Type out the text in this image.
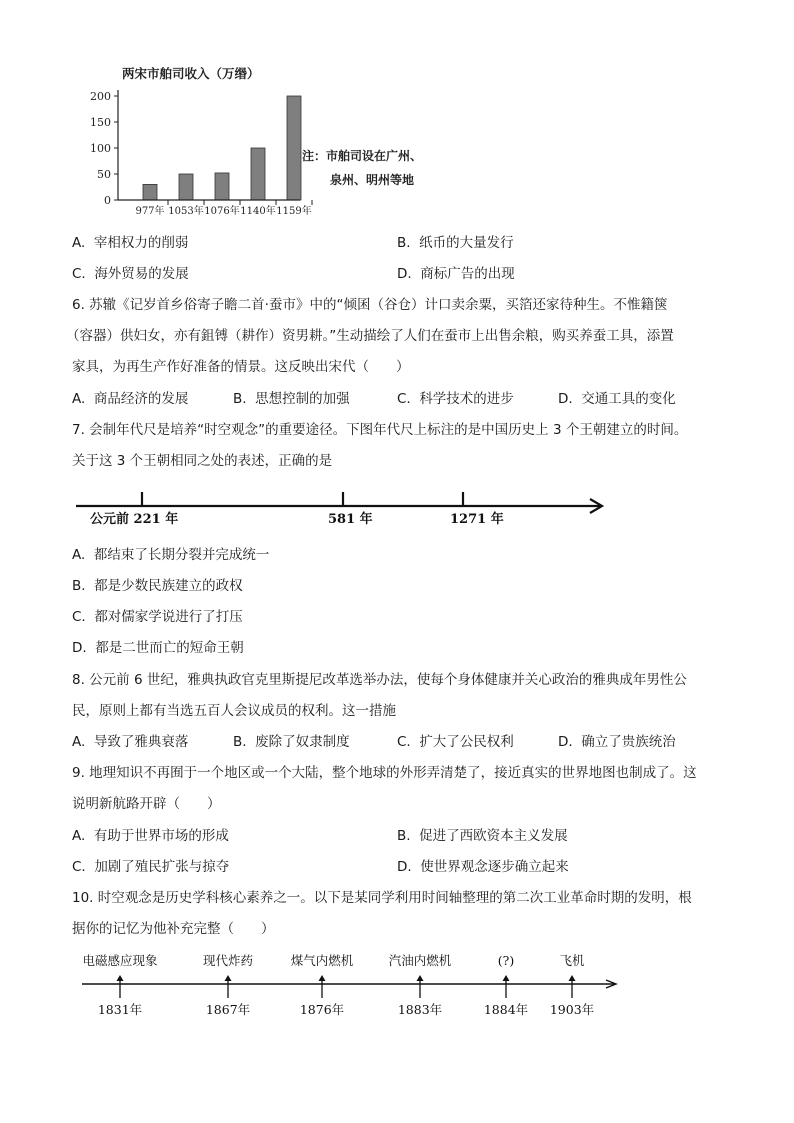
两宋市舶司收入（万缗）
0
50
100
150
200
977年 1053年 1076年 1140年 1159年
注：市舶司设在广州、
泉州、明州等地
A. 宰相权力的削弱	B. 纸币的大量发行
C. 海外贸易的发展	D. 商标广告的出现
6. 苏辙《记岁首乡俗寄子瞻二首·蚕市》中的“倾囷（谷仓）计口卖余粟，买箔还家待种生。不惟籍箧
（容器）供妇女，亦有鉏镈（耕作）资男耕。”生动描绘了人们在蚕市上出售余粮，购买养蚕工具，添置
家具，为再生产作好准备的情景。这反映出宋代（　　）
A. 商品经济的发展	B. 思想控制的加强	C. 科学技术的进步	D. 交通工具的变化
7. 会制年代尺是培养“时空观念”的重要途径。下图年代尺上标注的是中国历史上 3 个王朝建立的时间。
关于这 3 个王朝相同之处的表述，正确的是
公元前 221 年	581 年	1271 年
A. 都结束了长期分裂并完成统一
B. 都是少数民族建立的政权
C. 都对儒家学说进行了打压
D. 都是二世而亡的短命王朝
8. 公元前 6 世纪，雅典执政官克里斯提尼改革选举办法，使每个身体健康并关心政治的雅典成年男性公
民，原则上都有当选五百人会议成员的权利。这一措施
A. 导致了雅典衰落	B. 废除了奴隶制度	C. 扩大了公民权利	D. 确立了贵族统治
9. 地理知识不再囿于一个地区或一个大陆，整个地球的外形弄清楚了，接近真实的世界地图也制成了。这
说明新航路开辟（　　）
A. 有助于世界市场的形成	B. 促进了西欧资本主义发展
C. 加剧了殖民扩张与掠夺	D. 使世界观念逐步确立起来
10. 时空观念是历史学科核心素养之一。以下是某同学利用时间轴整理的第二次工业革命时期的发明，根
据你的记忆为他补充完整（　　）
电磁感应现象
1831年
现代炸药
1867年
煤气内燃机
1876年
汽油内燃机
1883年
(?)
1884年
飞机
1903年
